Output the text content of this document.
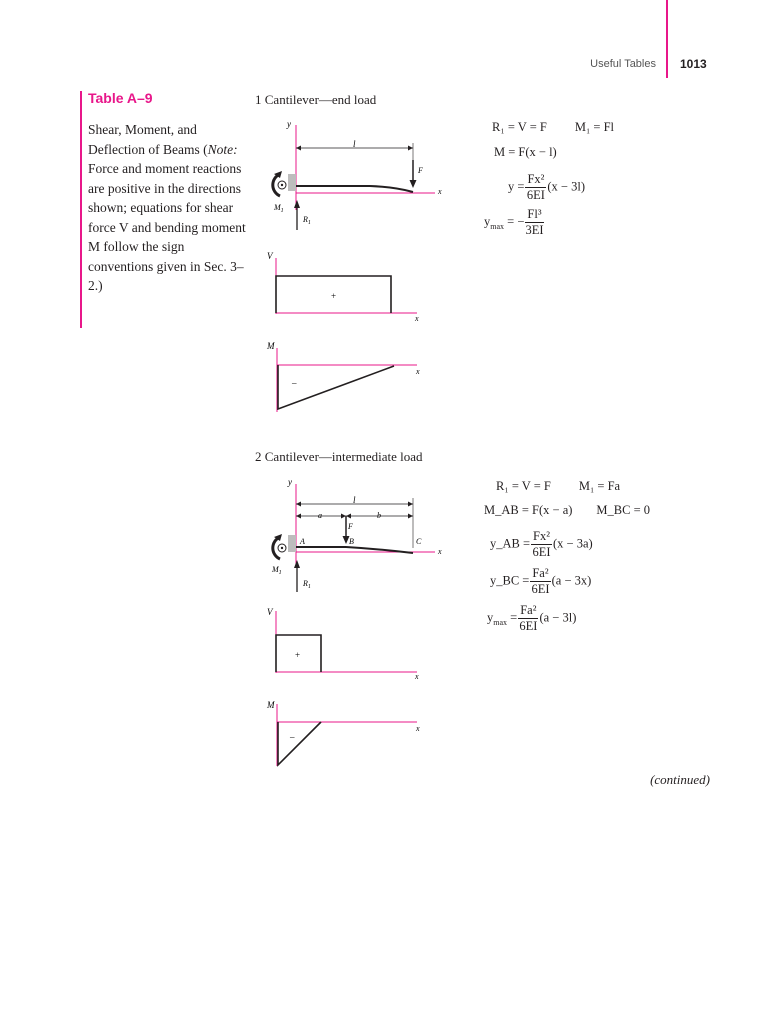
Useful Tables 1013
Table A–9
Shear, Moment, and Deflection of Beams (Note: Force and moment reactions are positive in the directions shown; equations for shear force V and bending moment M follow the sign conventions given in Sec. 3–2.)
1 Cantilever—end load
y
x
l
F
$M_1$
$R_1$
V
x
+
M
x
–
R₁ = V = F M₁ = Fl
M = F(x − l)
$y = \frac{\text{Fx²}}{6EI} (x - 3l)$
$y_{max}$ = − $\frac{\text{Fl³}}{3EI}$
2 Cantilever—intermediate load
y
x
l
a	b
A	B	C
F
$M_1$
$R_1$
V
x
+
M
x
–
R₁ = V = F M₁ = Fa
M_AB = F(x − a) M_BC = 0
y_AB = $\frac{\text{Fx²}}{6EI} (x - 3a)$
y_BC = $\frac{\text{Fa²}}{6EI} (a - 3x)$
$y_{max} = \frac{\text{Fa²}}{6EI} (a - 3l)$
(continued)
